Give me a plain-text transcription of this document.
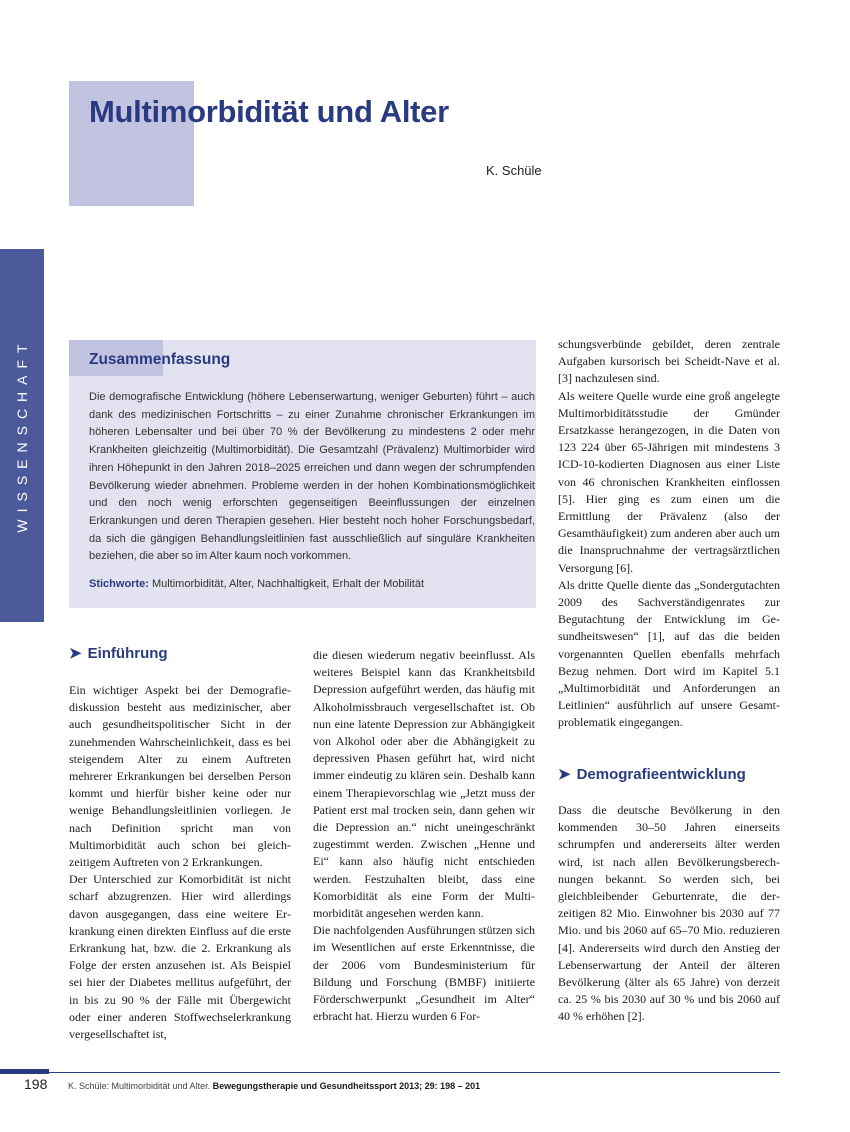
Multimorbidität und Alter
K. Schüle
WISSENSCHAFT	Zusammenfassung

Die demografische Entwicklung (höhere Lebenserwartung, weniger Geburten) führt – auch dank des medizinischen Fortschritts – zu einer Zunahme chronischer Erkrankungen im höheren Lebensalter und bei über 70 % der Bevölkerung zu mindestens 2 oder mehr Krankheiten gleichzeitig (Multimorbidität). Die Gesamtzahl (Prävalenz) Multimorbider wird ihren Höhepunkt in den Jahren 2018–2025 erreichen und dann wegen der schrumpfenden Bevölkerung wieder abnehmen. Probleme werden in der hohen Kombinationsmöglichkeit und den noch wenig erforschten gegenseitigen Beeinflussungen der einzelnen Erkrankungen und deren Therapien gesehen. Hier besteht noch hoher Forschungsbedarf, da sich die gängigen Behandlungsleitlinien fast ausschließlich auf singuläre Krankheiten beziehen, die aber so im Alter kaum noch vorkommen.

Stichworte: Multimorbidität, Alter, Nachhaltigkeit, Erhalt der Mobilität
➤ Einführung

Ein wichtiger Aspekt bei der Demografiediskussion besteht aus medizinischer, aber auch gesundheitspolitischer Sicht in der zunehmenden Wahrscheinlichkeit, dass es bei steigendem Alter zu einem Auftreten mehrerer Erkrankungen bei derselben Person kommt und hierfür bisher keine oder nur wenige Behandlungsleitlinien vorliegen. Je nach Definition spricht man von Multimorbidität auch schon bei gleichzeitigem Auftreten von 2 Erkrankungen.

Der Unterschied zur Komorbidität ist nicht scharf abzugrenzen. Hier wird allerdings davon ausgegangen, dass eine weitere Erkrankung einen direkten Einfluss auf die erste Erkrankung hat, bzw. die 2. Erkrankung als Folge der ersten anzusehen ist. Als Beispiel sei hier der Diabetes mellitus aufgeführt, der in bis zu 90 % der Fälle mit Übergewicht oder einer anderen Stoffwechselerkrankung vergesellschaftet ist,

die diesen wiederum negativ beeinflusst. Als weiteres Beispiel kann das Krankheitsbild Depression aufgeführt werden, das häufig mit Alkoholmissbrauch vergesellschaftet ist. Ob nun eine latente Depression zur Abhängigkeit von Alkohol oder aber die Abhängigkeit zu depressiven Phasen geführt hat, wird nicht immer eindeutig zu klären sein. Deshalb kann einem Therapievorschlag wie „Jetzt muss der Patient erst mal trocken sein, dann gehen wir die Depression an.“ nicht uneingeschränkt zugestimmt werden. Zwischen „Henne und Ei“ kann also häufig nicht entschieden werden. Festzuhalten bleibt, dass eine Komorbidität als eine Form der Multimorbidität angesehen werden kann.

Die nachfolgenden Ausführungen stützen sich im Wesentlichen auf erste Erkenntnisse, die der 2006 vom Bundesministerium für Bildung und Forschung (BMBF) initiierte Förderschwerpunkt „Gesundheit im Alter“ erbracht hat. Hierzu wurden 6 For-

schungsverbünde gebildet, deren zentrale Aufgaben kursorisch bei Scheidt-Nave et al. [3] nachzulesen sind.

Als weitere Quelle wurde eine groß angelegte Multimorbiditätsstudie der Gmünder Ersatzkasse herangezogen, in die Daten von 123 224 über 65-Jährigen mit mindestens 3 ICD-10-kodierten Diagnosen aus einer Liste von 46 chronischen Krankheiten einflossen [5]. Hier ging es zum einen um die Ermittlung der Prävalenz (also der Gesamthäufigkeit) zum anderen aber auch um die Inanspruchnahme der vertragsärztlichen Versorgung [6].

Als dritte Quelle diente das „Sondergutachten 2009 des Sachverständigenrates zur Begutachtung der Entwicklung im Gesundheitswesen“ [1], auf das die beiden vorgenannten Quellen ebenfalls mehrfach Bezug nehmen. Dort wird im Kapitel 5.1 „Multimorbidität und Anforderungen an Leitlinien“ ausführlich auf unsere Gesamtproblematik eingegangen.

➤ Demografieentwicklung

Dass die deutsche Bevölkerung in den kommenden 30–50 Jahren einerseits schrumpfen und andererseits älter werden wird, ist nach allen Bevölkerungsberechnungen bekannt. So werden sich, bei gleichbleibender Geburtenrate, die derzeitigen 82 Mio. Einwohner bis 2030 auf 77 Mio. und bis 2060 auf 65–70 Mio. reduzieren [4]. Andererseits wird durch den Anstieg der Lebenserwartung der Anteil der älteren Bevölkerung (älter als 65 Jahre) von derzeit ca. 25 % bis 2030 auf 30 % und bis 2060 auf 40 % erhöhen [2].

198 K. Schüle: Multimorbidität und Alter. Bewegungstherapie und Gesundheitssport 2013; 29: 198 – 201
